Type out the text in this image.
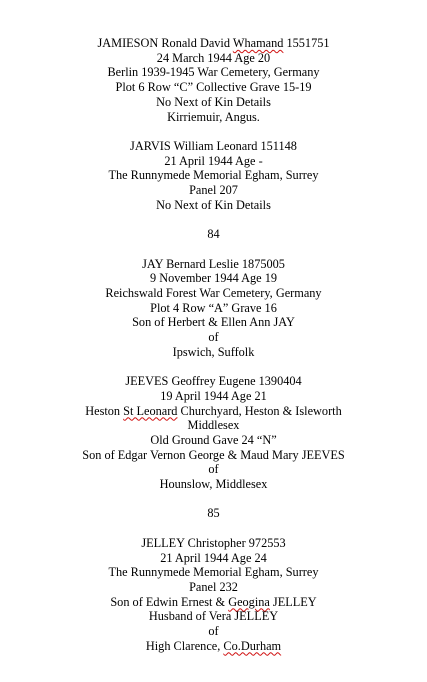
JAMIESON Ronald David Whamand 1551751
24 March 1944 Age 20
Berlin 1939-1945 War Cemetery, Germany
Plot 6 Row “C” Collective Grave 15-19
No Next of Kin Details
Kirriemuir, Angus.
JARVIS William Leonard 151148
21 April 1944 Age -
The Runnymede Memorial Egham, Surrey
Panel 207
No Next of Kin Details
84
JAY Bernard Leslie 1875005
9 November 1944 Age 19
Reichswald Forest War Cemetery, Germany
Plot 4 Row “A” Grave 16
Son of Herbert & Ellen Ann JAY
of
Ipswich, Suffolk
JEEVES Geoffrey Eugene 1390404
19 April 1944 Age 21
Heston St Leonard Churchyard, Heston & Isleworth
Middlesex
Old Ground Gave 24 “N”
Son of Edgar Vernon George & Maud Mary JEEVES
of
Hounslow, Middlesex
85
JELLEY Christopher 972553
21 April 1944 Age 24
The Runnymede Memorial Egham, Surrey
Panel 232
Son of Edwin Ernest & Geogina JELLEY
Husband of Vera JELLEY
of
High Clarence, Co.Durham
